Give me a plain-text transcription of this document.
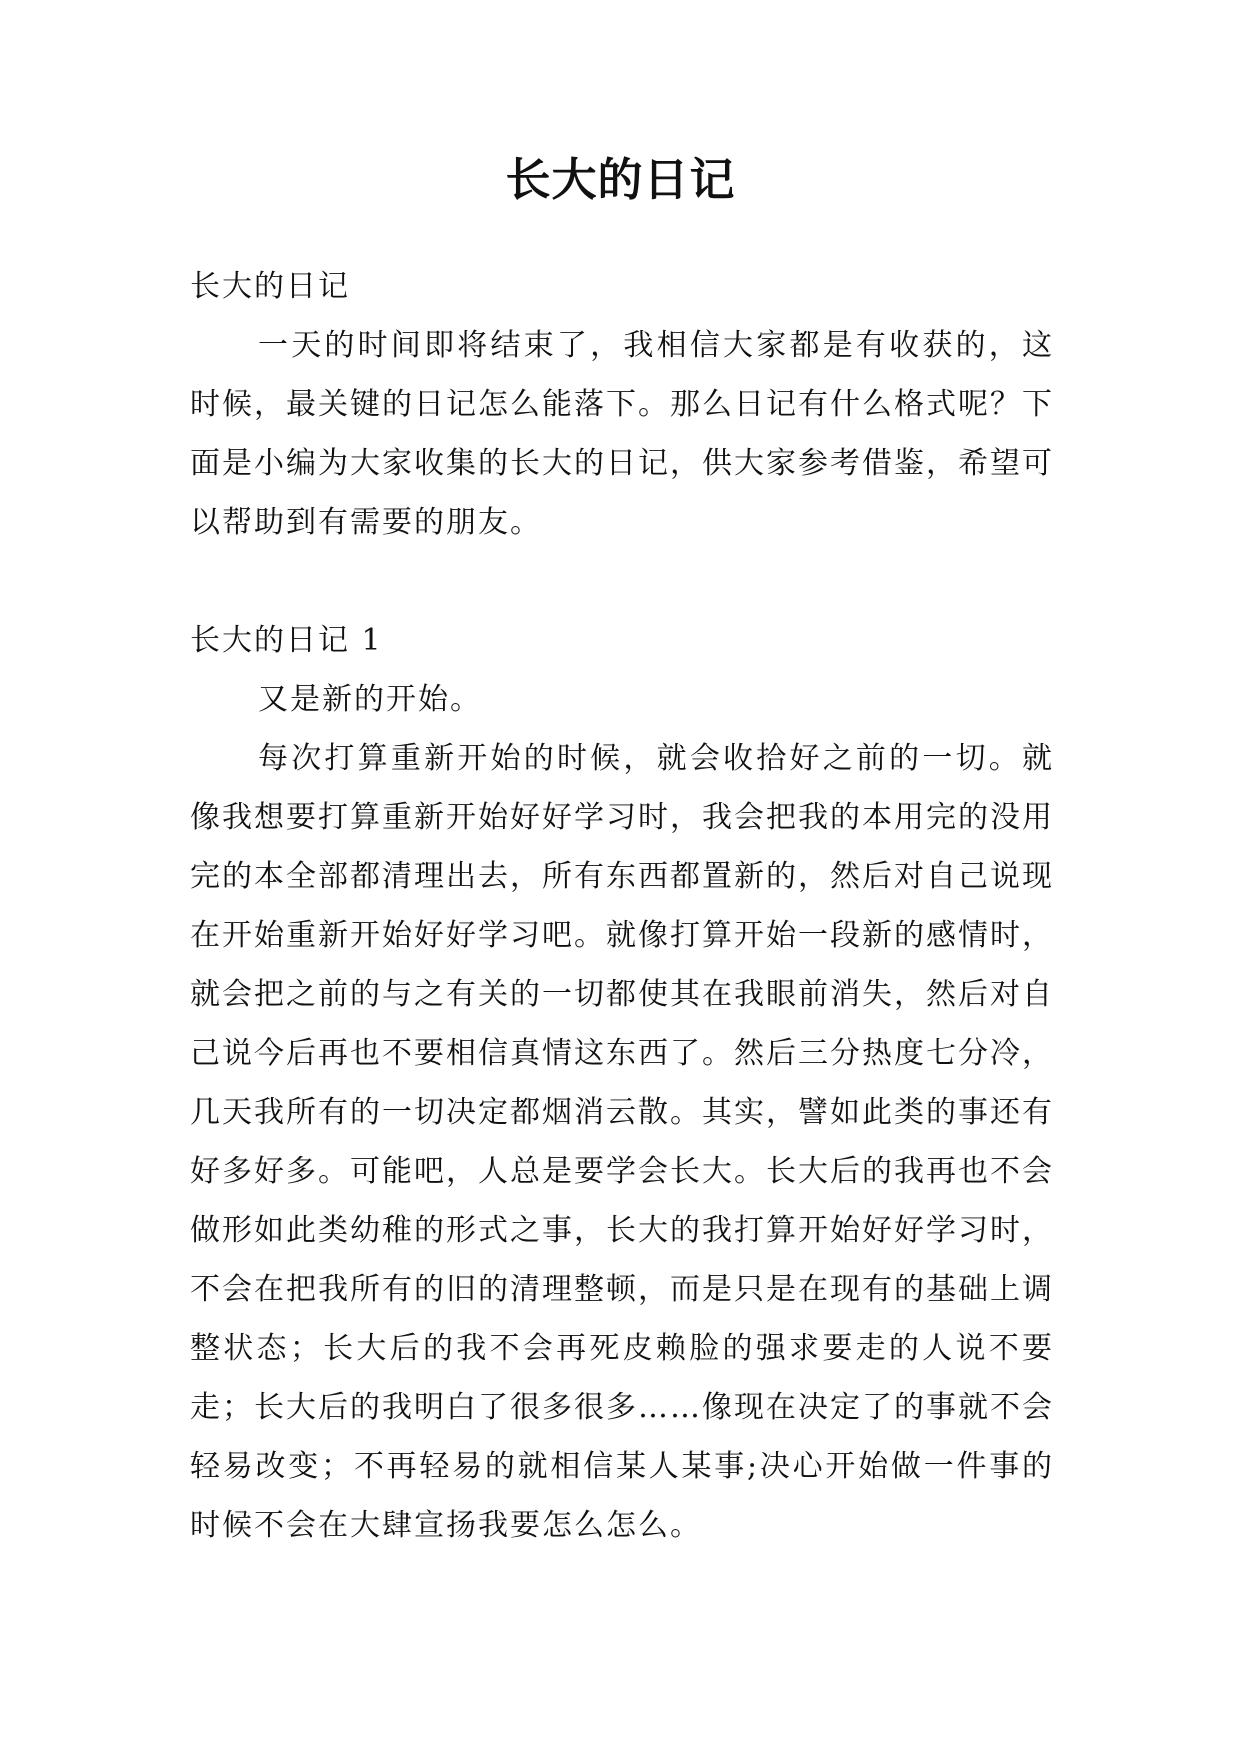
长大的日记

长大的日记

一天的时间即将结束了，我相信大家都是有收获的，这时候，最关键的日记怎么能落下。那么日记有什么格式呢？下面是小编为大家收集的长大的日记，供大家参考借鉴，希望可以帮助到有需要的朋友。

长大的日记 1

又是新的开始。

每次打算重新开始的时候，就会收拾好之前的一切。就像我想要打算重新开始好好学习时，我会把我的本用完的没用完的本全部都清理出去，所有东西都置新的，然后对自己说现在开始重新开始好好学习吧。就像打算开始一段新的感情时，就会把之前的与之有关的一切都使其在我眼前消失，然后对自己说今后再也不要相信真情这东西了。然后三分热度七分冷，几天我所有的一切决定都烟消云散。其实，譬如此类的事还有好多好多。可能吧，人总是要学会长大。长大后的我再也不会做形如此类幼稚的形式之事，长大的我打算开始好好学习时，不会在把我所有的旧的清理整顿，而是只是在现有的基础上调整状态；长大后的我不会再死皮赖脸的强求要走的人说不要走；长大后的我明白了很多很多……像现在决定了的事就不会轻易改变；不再轻易的就相信某人某事;决心开始做一件事的时候不会在大肆宣扬我要怎么怎么。
